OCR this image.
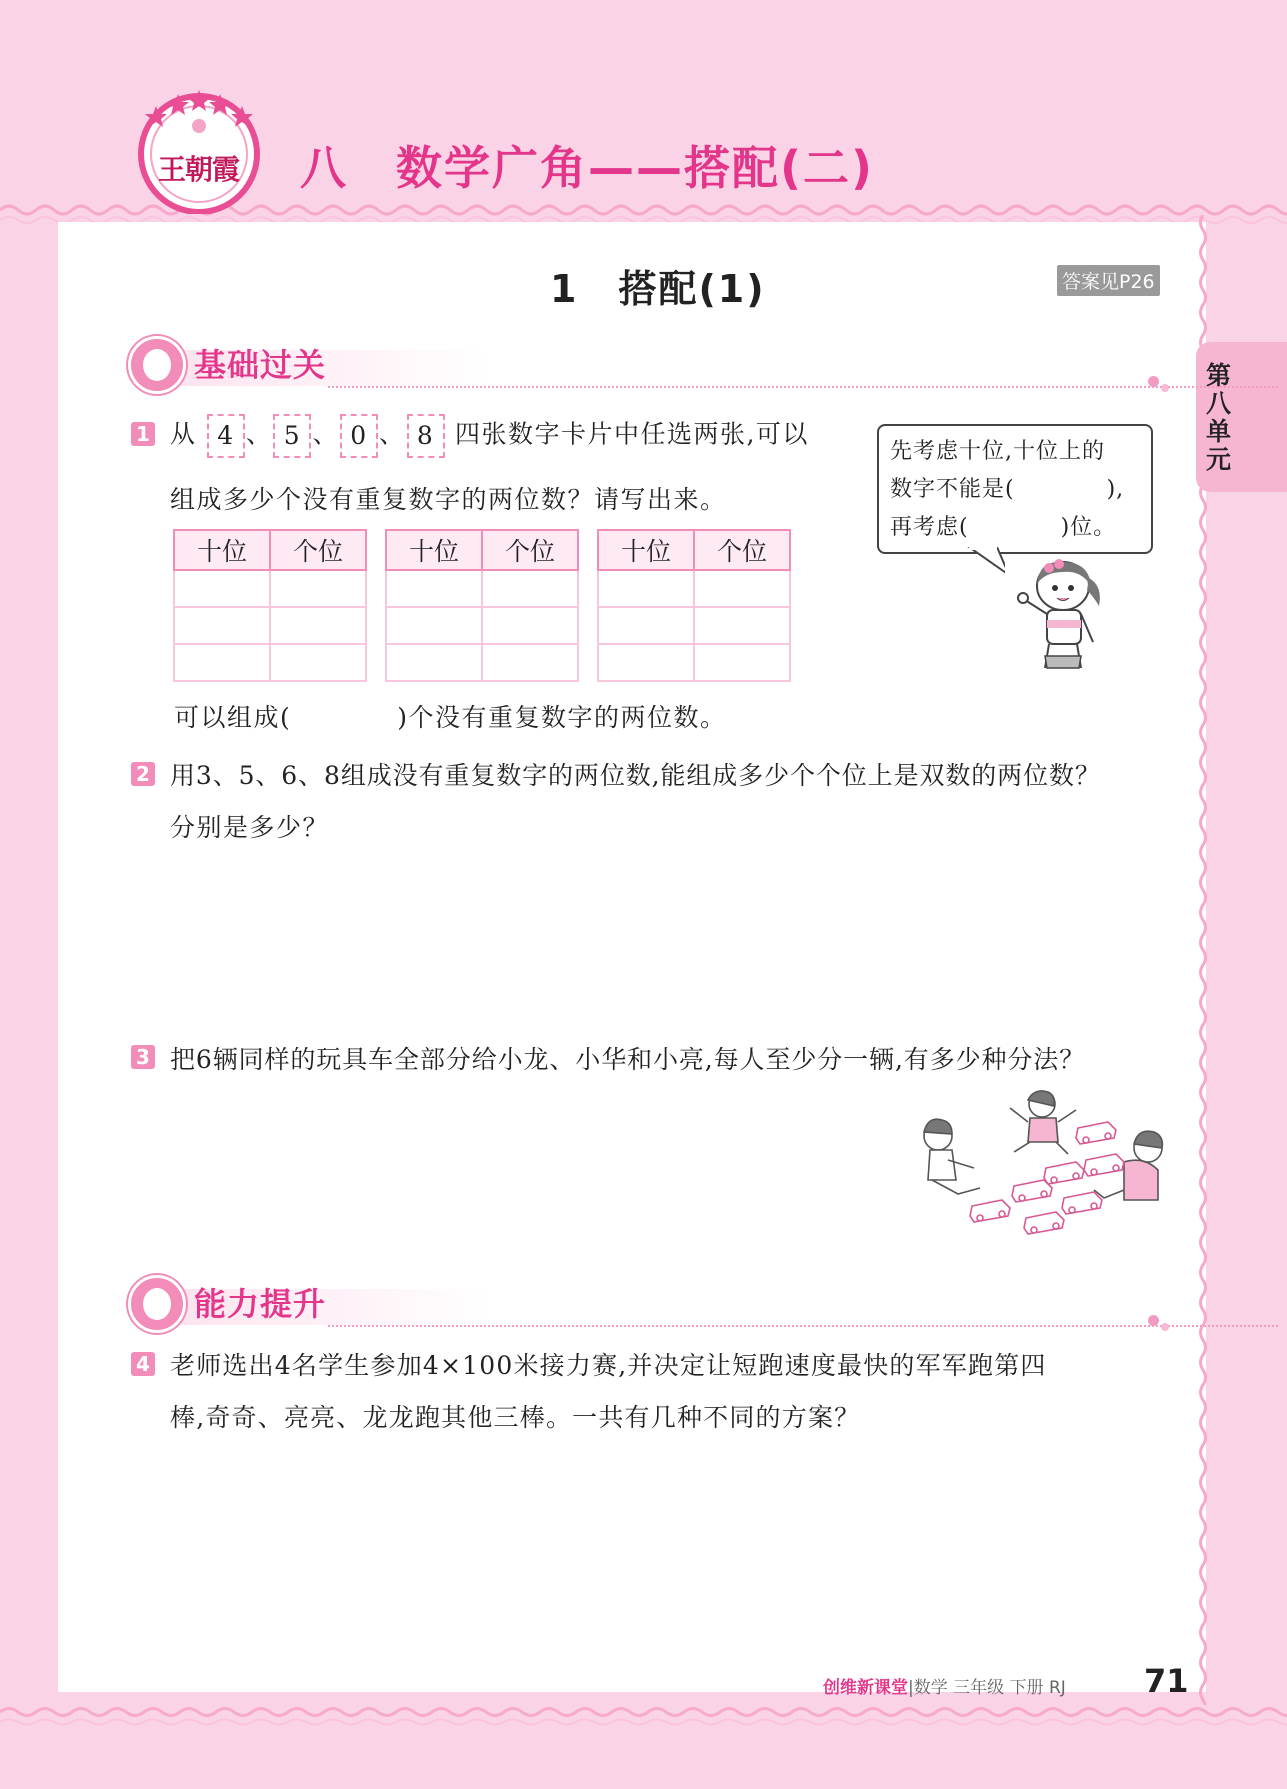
王朝霞 八　数学广角——搭配(二)
1　搭配(1)	答案见P26
第八单元
基础过关
1 从 4 、 5 、 0 、 8 四张数字卡片中任选两张,可以
组成多少个没有重复数字的两位数？请写出来。
十位	个位

		十位	个位

		十位	个位

先考虑十位,十位上的
数字不能是(　　　　),
再考虑(　　　　)位。
可以组成(　　　　)个没有重复数字的两位数。
2 用3、5、6、8组成没有重复数字的两位数,能组成多少个个位上是双数的两位数？
分别是多少？
3 把6辆同样的玩具车全部分给小龙、小华和小亮,每人至少分一辆,有多少种分法？
能力提升
4 老师选出4名学生参加4×100米接力赛,并决定让短跑速度最快的军军跑第四
棒,奇奇、亮亮、龙龙跑其他三棒。一共有几种不同的方案？
创维新课堂|数学 三年级 下册 RJ 71
